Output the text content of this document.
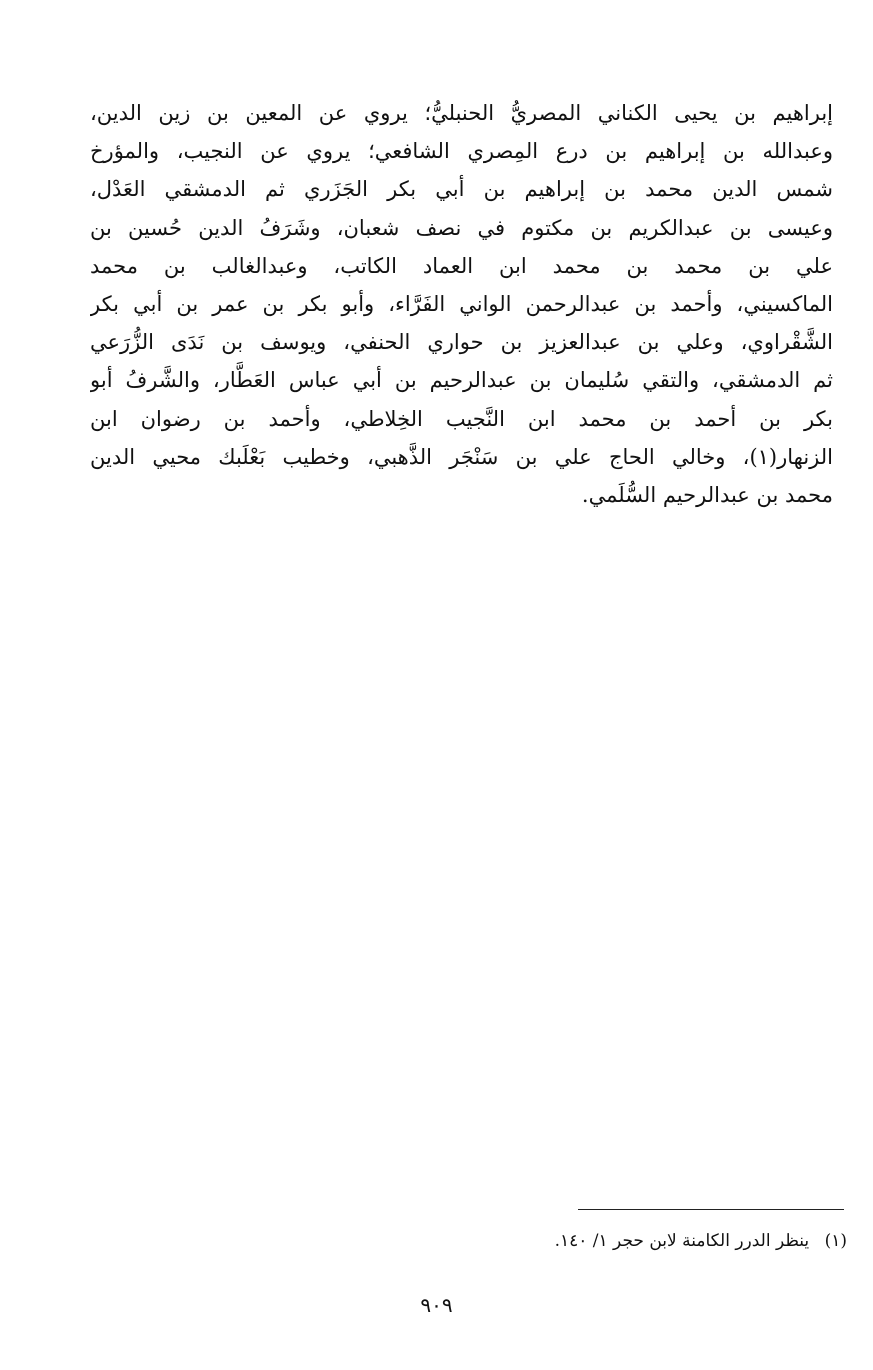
إبراهيم بن يحيى الكناني المصريُّ الحنبليُّ؛ يروي عن المعين بن زين الدين،
وعبدالله بن إبراهيم بن درع المِصري الشافعي؛ يروي عن النجيب، والمؤرخ
شمس الدين محمد بن إبراهيم بن أبي بكر الجَزَري ثم الدمشقي العَدْل،
وعيسى بن عبدالكريم بن مكتوم في نصف شعبان، وشَرَفُ الدين حُسين بن
علي بن محمد بن محمد ابن العماد الكاتب، وعبدالغالب بن محمد
الماكسيني، وأحمد بن عبدالرحمن الواني الفَرَّاء، وأبو بكر بن عمر بن أبي بكر
الشَّقْراوي، وعلي بن عبدالعزيز بن حواري الحنفي، ويوسف بن نَدَى الزُّرَعي
ثم الدمشقي، والتقي سُليمان بن عبدالرحيم بن أبي عباس العَطَّار، والشَّرفُ أبو
بكر بن أحمد بن محمد ابن النَّجيب الخِلاطي، وأحمد بن رضوان ابن
الزنهار(١)، وخالي الحاج علي بن سَنْجَر الذَّهبي، وخطيب بَعْلَبك محيي الدين
محمد بن عبدالرحيم السُّلَمي.
(١) ينظر الدرر الكامنة لابن حجر ١/ ١٤٠.
٩٠٩
